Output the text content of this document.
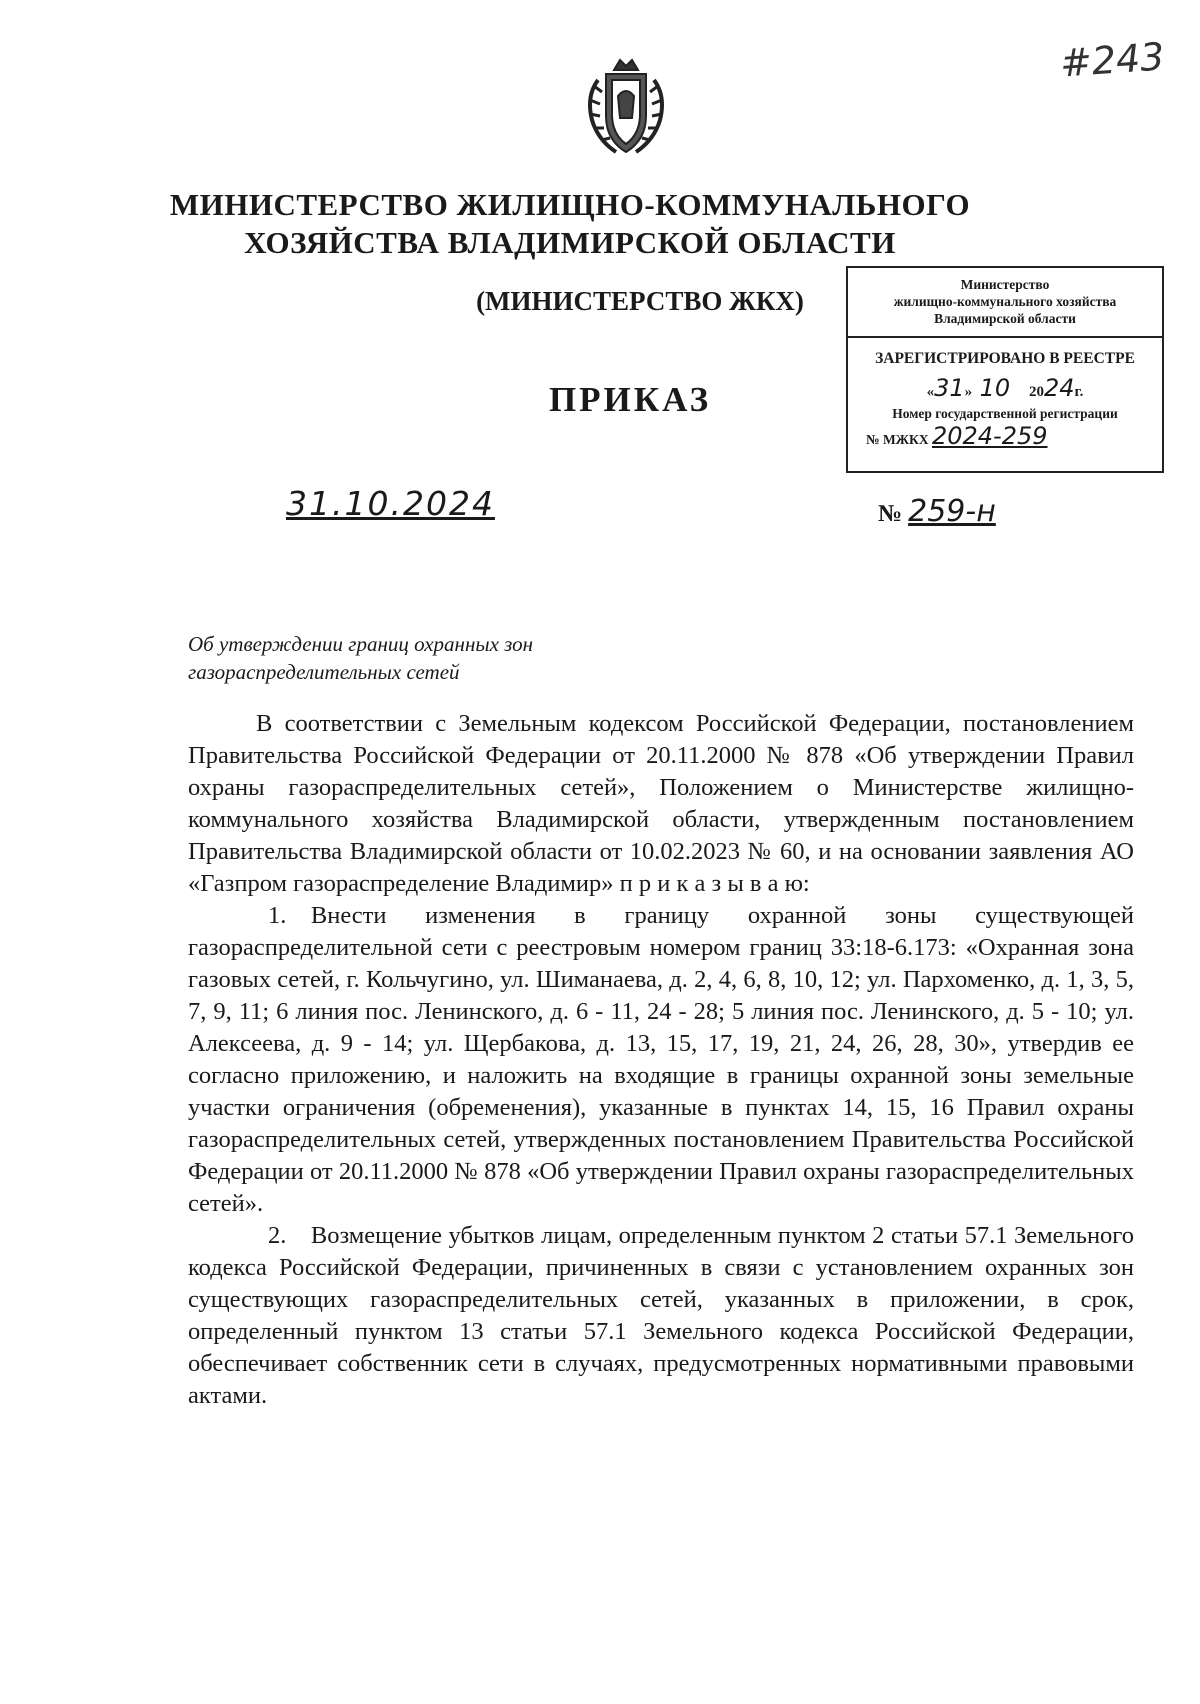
#243
МИНИСТЕРСТВО ЖИЛИЩНО-КОММУНАЛЬНОГО
ХОЗЯЙСТВА ВЛАДИМИРСКОЙ ОБЛАСТИ
(МИНИСТЕРСТВО ЖКХ)
ПРИКАЗ
Министерство
жилищно-коммунального хозяйства
Владимирской области
ЗАРЕГИСТРИРОВАНО В РЕЕСТРЕ
«31»  10 2024г.
Номер государственной регистрации
№ МЖКХ 2024-259
31.10.2024	№ 259-н
Об утверждении границ охранных зон
газораспределительных сетей

В соответствии с Земельным кодексом Российской Федерации, постановлением Правительства Российской Федерации от 20.11.2000 № 878 «Об утверждении Правил охраны газораспределительных сетей», Положением о Министерстве жилищно-коммунального хозяйства Владимирской области, утвержденным постановлением Правительства Владимирской области от 10.02.2023 № 60, и на основании заявления АО «Газпром газораспределение Владимир» п р и к а з ы в а ю:

1. Внести изменения в границу охранной зоны существующей газораспределительной сети с реестровым номером границ 33:18-6.173: «Охранная зона газовых сетей, г. Кольчугино, ул. Шиманаева, д. 2, 4, 6, 8, 10, 12; ул. Пархоменко, д. 1, 3, 5, 7, 9, 11; 6 линия пос. Ленинского, д. 6 - 11, 24 - 28; 5 линия пос. Ленинского, д. 5 - 10; ул. Алексеева, д. 9 - 14; ул. Щербакова, д. 13, 15, 17, 19, 21, 24, 26, 28, 30», утвердив ее согласно приложению, и наложить на входящие в границы охранной зоны земельные участки ограничения (обременения), указанные в пунктах 14, 15, 16 Правил охраны газораспределительных сетей, утвержденных постановлением Правительства Российской Федерации от 20.11.2000 № 878 «Об утверждении Правил охраны газораспределительных сетей».

2. Возмещение убытков лицам, определенным пунктом 2 статьи 57.1 Земельного кодекса Российской Федерации, причиненных в связи с установлением охранных зон существующих газораспределительных сетей, указанных в приложении, в срок, определенный пунктом 13 статьи 57.1 Земельного кодекса Российской Федерации, обеспечивает собственник сети в случаях, предусмотренных нормативными правовыми актами.
